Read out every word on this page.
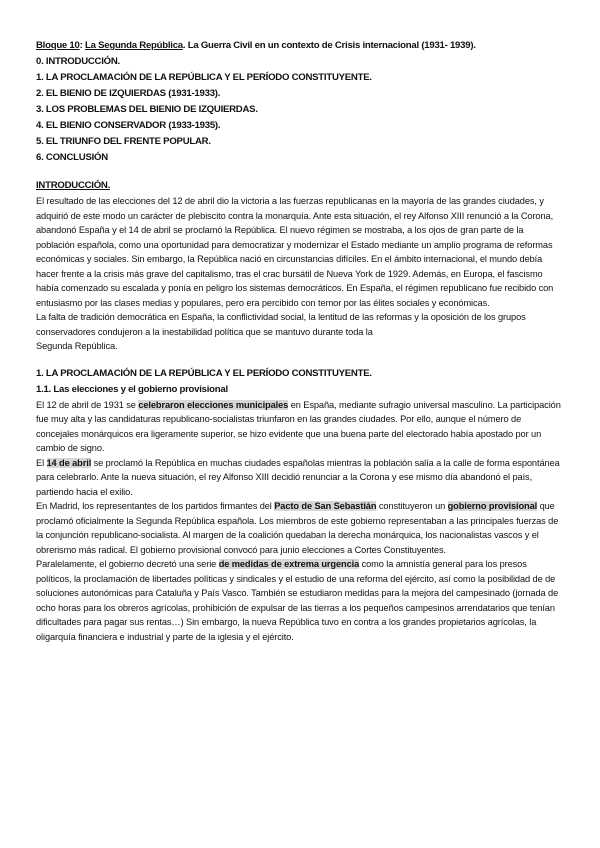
Bloque 10: La Segunda República. La Guerra Civil en un contexto de Crisis internacional (1931- 1939).
0. INTRODUCCIÓN.
1. LA PROCLAMACIÓN DE LA REPÚBLICA Y EL PERÍODO CONSTITUYENTE.
2. EL BIENIO DE IZQUIERDAS (1931-1933).
3. LOS PROBLEMAS DEL BIENIO DE IZQUIERDAS.
4. EL BIENIO CONSERVADOR (1933-1935).
5. EL TRIUNFO DEL FRENTE POPULAR.
6. CONCLUSIÓN
INTRODUCCIÓN.

El resultado de las elecciones del 12 de abril dio la victoria a las fuerzas republicanas en la mayoría de las grandes ciudades, y adquirió de este modo un carácter de plebiscito contra la monarquía. Ante esta situación, el rey Alfonso XIII renunció a la Corona, abandonó España y el 14 de abril se proclamó la República. El nuevo régimen se mostraba, a los ojos de gran parte de la población española, como una oportunidad para democratizar y modernizar el Estado mediante un amplio programa de reformas económicas y sociales. Sin embargo, la República nació en circunstancias difíciles. En el ámbito internacional, el mundo debía hacer frente a la crisis más grave del capitalismo, tras el crac bursátil de Nueva York de 1929. Además, en Europa, el fascismo había comenzado su escalada y ponía en peligro los sistemas democráticos. En España, el régimen republicano fue recibido con entusiasmo por las clases medias y populares, pero era percibido con temor por las élites sociales y económicas.

La falta de tradición democrática en España, la conflictividad social, la lentitud de las reformas y la oposición de los grupos conservadores condujeron a la inestabilidad política que se mantuvo durante toda la

Segunda República.

1. LA PROCLAMACIÓN DE LA REPÚBLICA Y EL PERÍODO CONSTITUYENTE.
1.1. Las elecciones y el gobierno provisional

El 12 de abril de 1931 se celebraron elecciones municipales en España, mediante sufragio universal masculino. La participación fue muy alta y las candidaturas republicano-socialistas triunfaron en las grandes ciudades. Por ello, aunque el número de concejales monárquicos era ligeramente superior, se hizo evidente que una buena parte del electorado había apostado por un cambio de signo.

El 14 de abril se proclamó la República en muchas ciudades españolas mientras la población salía a la calle de forma espontánea para celebrarlo. Ante la nueva situación, el rey Alfonso XIII decidió renunciar a la Corona y ese mismo día abandonó el país, partiendo hacia el exilio.

En Madrid, los representantes de los partidos firmantes del Pacto de San Sebastián constituyeron un gobierno provisional que proclamó oficialmente la Segunda República española. Los miembros de este gobierno representaban a las principales fuerzas de la conjunción republicano-socialista. Al margen de la coalición quedaban la derecha monárquica, los nacionalistas vascos y el obrerismo más radical. El gobierno provisional convocó para junio elecciones a Cortes Constituyentes.

Paralelamente, el gobierno decretó una serie de medidas de extrema urgencia como la amnistía general para los presos políticos, la proclamación de libertades políticas y sindicales y el estudio de una reforma del ejército, así como la posibilidad de de soluciones autonómicas para Cataluña y País Vasco. También se estudiaron medidas para la mejora del campesinado (jornada de ocho horas para los obreros agrícolas, prohibición de expulsar de las tierras a los pequeños campesinos arrendatarios que tenían dificultades para pagar sus rentas…) Sin embargo, la nueva República tuvo en contra a los grandes propietarios agrícolas, la oligarquía financiera e industrial y parte de la iglesia y el ejército.
